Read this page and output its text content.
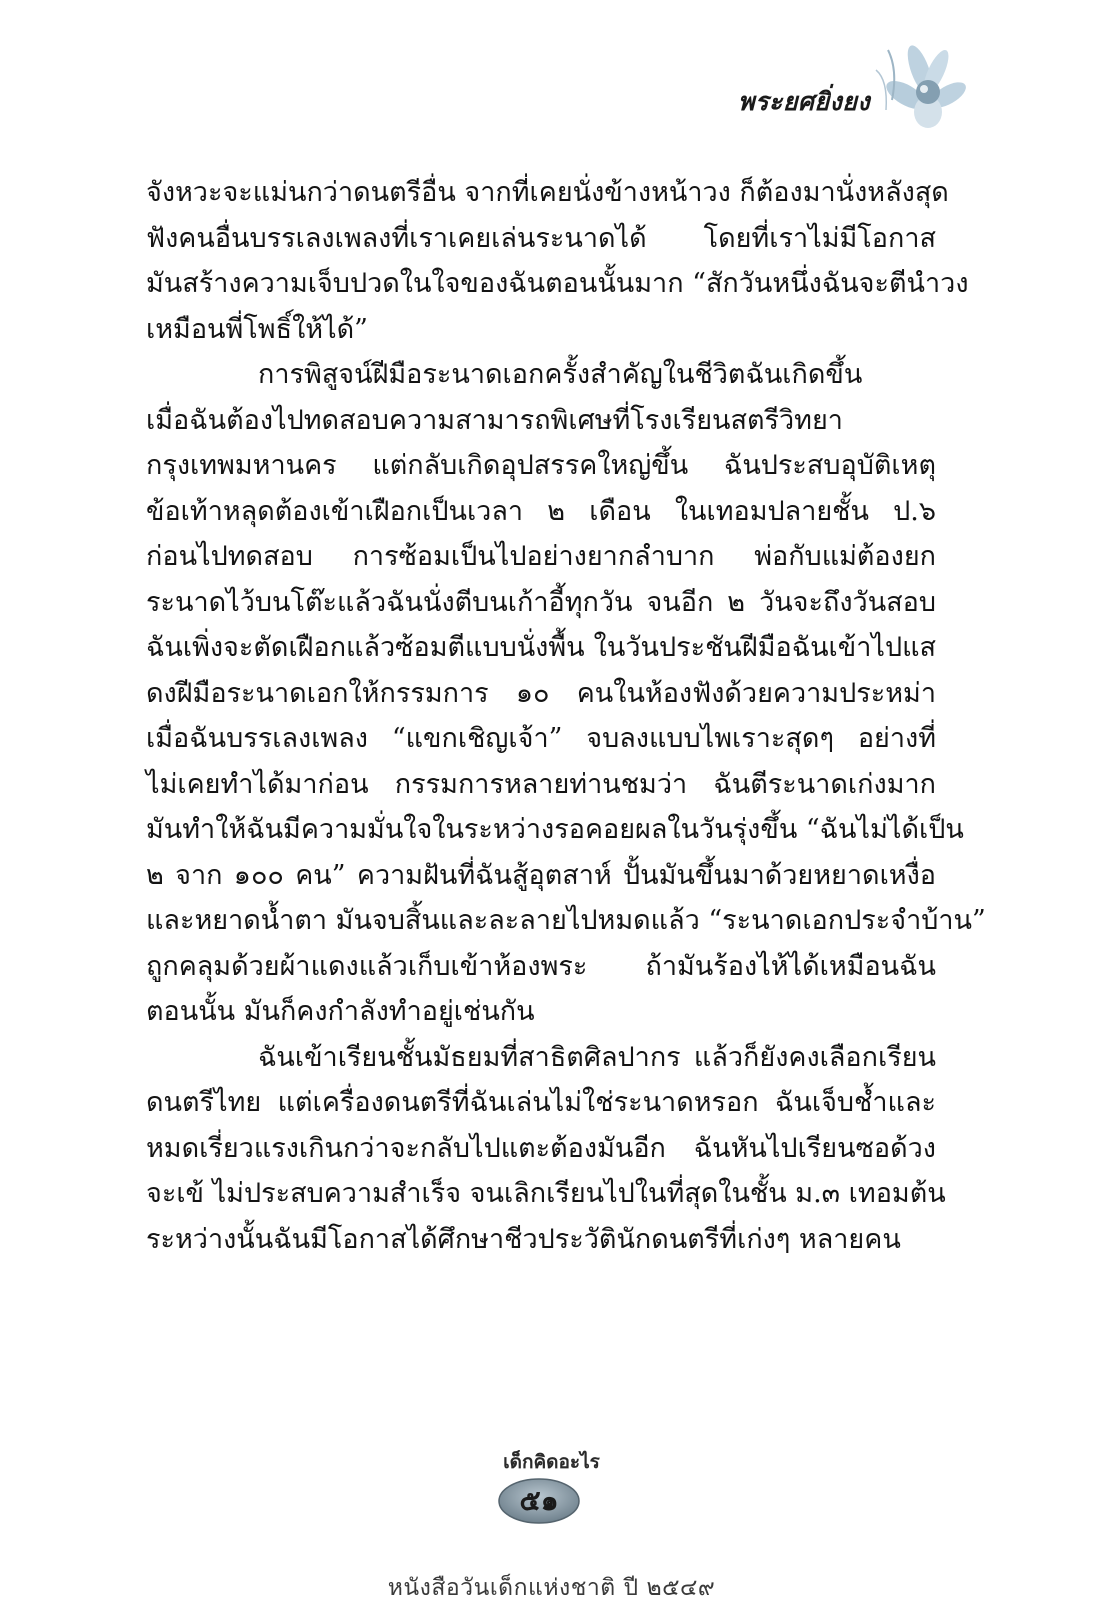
พระยศยิ่งยง
จังหวะจะแม่นกว่าดนตรีอื่น จากที่เคยนั่งข้างหน้าวง ก็ต้องมานั่งหลังสุด
ฟังคนอื่นบรรเลงเพลงที่เราเคยเล่นระนาดได้ โดยที่เราไม่มีโอกาส
มันสร้างความเจ็บปวดในใจของฉันตอนนั้นมาก “สักวันหนึ่งฉันจะตีนำวง
เหมือนพี่โพธิ์ให้ได้”
การพิสูจน์ฝีมือระนาดเอกครั้งสำคัญในชีวิตฉันเกิดขึ้น
เมื่อฉันต้องไปทดสอบความสามารถพิเศษที่โรงเรียนสตรีวิทยา
กรุงเทพมหานคร แต่กลับเกิดอุปสรรคใหญ่ขึ้น ฉันประสบอุบัติเหตุ
ข้อเท้าหลุดต้องเข้าเฝือกเป็นเวลา ๒ เดือน ในเทอมปลายชั้น ป.๖
ก่อนไปทดสอบ การซ้อมเป็นไปอย่างยากลำบาก พ่อกับแม่ต้องยก
ระนาดไว้บนโต๊ะแล้วฉันนั่งตีบนเก้าอี้ทุกวัน จนอีก ๒ วันจะถึงวันสอบ
ฉันเพิ่งจะตัดเฝือกแล้วซ้อมตีแบบนั่งพื้น ในวันประชันฝีมือฉันเข้าไปแส
ดงฝีมือระนาดเอกให้กรรมการ ๑๐ คนในห้องฟังด้วยความประหม่า
เมื่อฉันบรรเลงเพลง “แขกเชิญเจ้า” จบลงแบบไพเราะสุดๆ อย่างที่
ไม่เคยทำได้มาก่อน กรรมการหลายท่านชมว่า ฉันตีระนาดเก่งมาก
มันทำให้ฉันมีความมั่นใจในระหว่างรอคอยผลในวันรุ่งขึ้น “ฉันไม่ได้เป็น
๒ จาก ๑๐๐ คน” ความฝันที่ฉันสู้อุตสาห์ ปั้นมันขึ้นมาด้วยหยาดเหงื่อ
และหยาดน้ำตา มันจบสิ้นและละลายไปหมดแล้ว “ระนาดเอกประจำบ้าน”
ถูกคลุมด้วยผ้าแดงแล้วเก็บเข้าห้องพระ ถ้ามันร้องไห้ได้เหมือนฉัน
ตอนนั้น มันก็คงกำลังทำอยู่เช่นกัน
ฉันเข้าเรียนชั้นมัธยมที่สาธิตศิลปากร แล้วก็ยังคงเลือกเรียน
ดนตรีไทย แต่เครื่องดนตรีที่ฉันเล่นไม่ใช่ระนาดหรอก ฉันเจ็บช้ำและ
หมดเรี่ยวแรงเกินกว่าจะกลับไปแตะต้องมันอีก ฉันหันไปเรียนซอด้วง
จะเข้ ไม่ประสบความสำเร็จ จนเลิกเรียนไปในที่สุดในชั้น ม.๓ เทอมต้น
ระหว่างนั้นฉันมีโอกาสได้ศึกษาชีวประวัตินักดนตรีที่เก่งๆ หลายคน
เด็กคิดอะไร
๕๑
หนังสือวันเด็กแห่งชาติ ปี ๒๕๔๙
